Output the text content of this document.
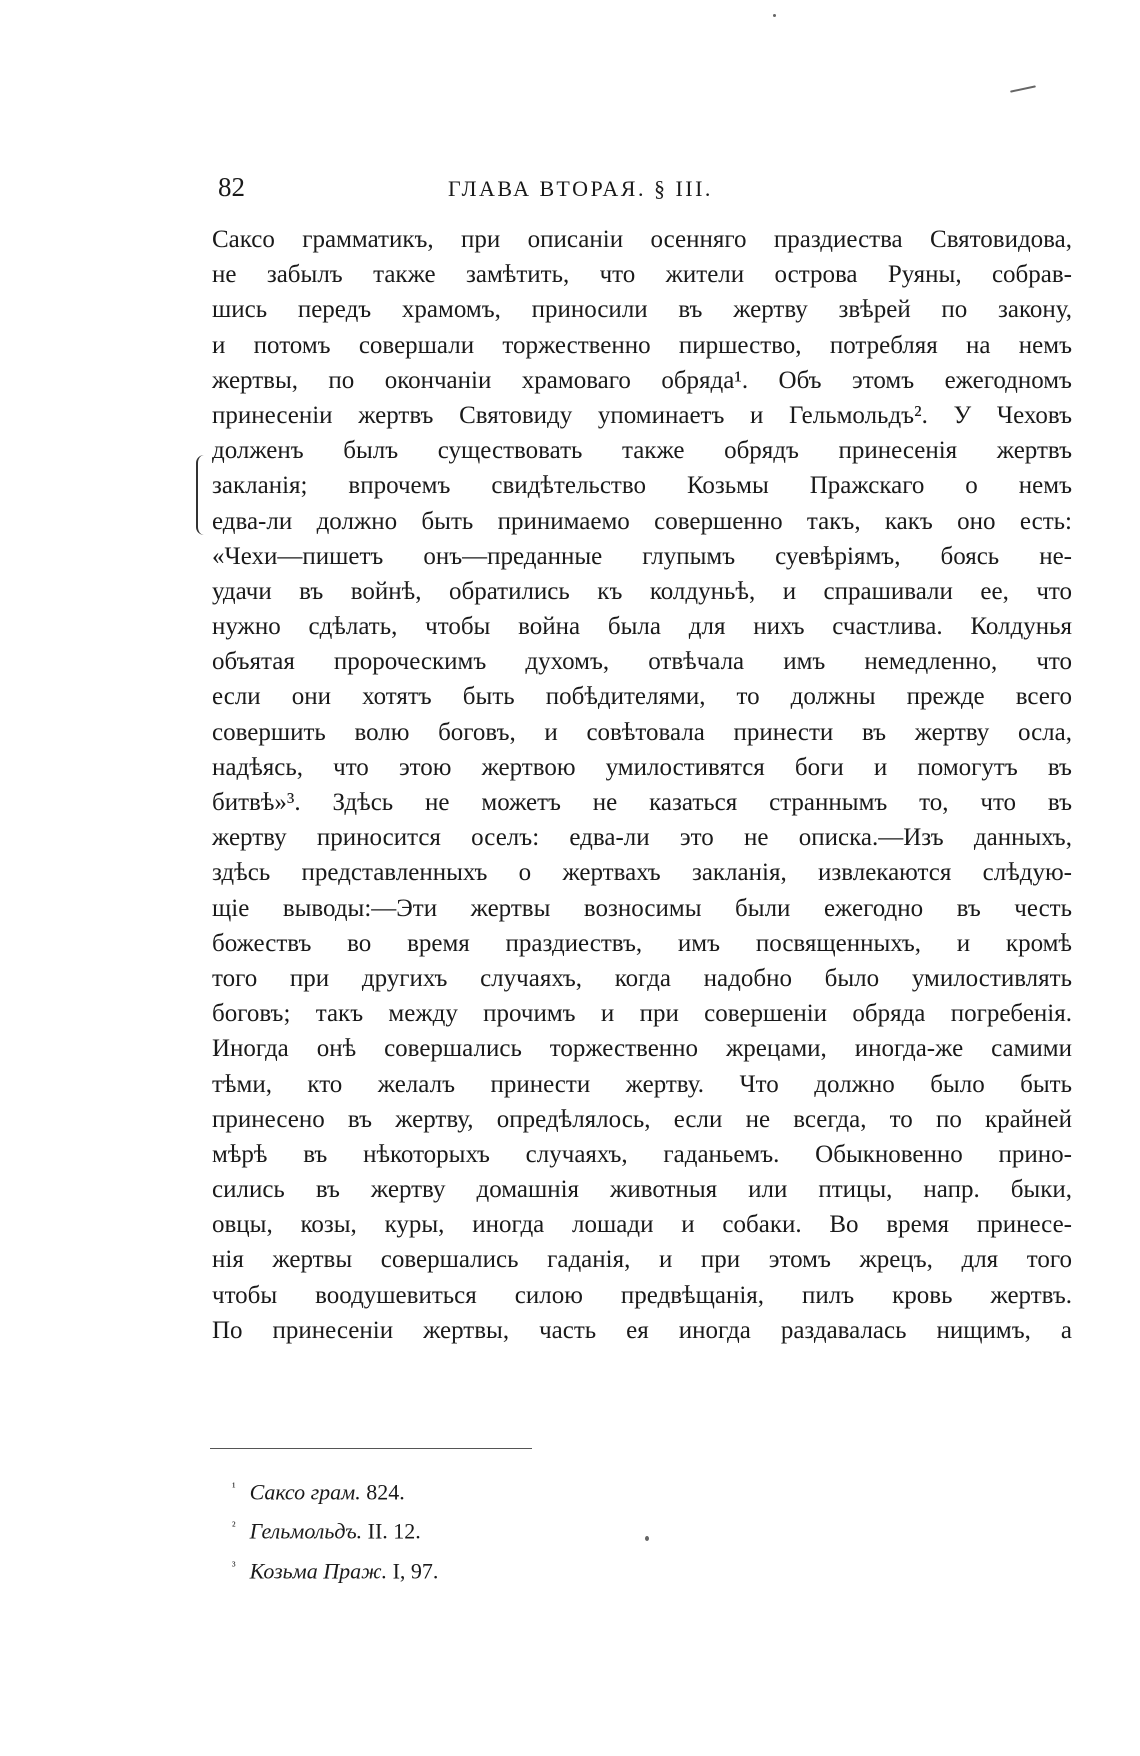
82	ГЛАВА ВТОРАЯ. § III.
Саксо грамматикъ, при описаніи осенняго праздиества Святовидова,
не забылъ также замѣтить, что жители острова Руяны, собрав-
шись передъ храмомъ, приносили въ жертву звѣрей по закону,
и потомъ совершали торжественно пиршество, потребляя на немъ
жертвы, по окончаніи храмоваго обряда¹. Объ этомъ ежегодномъ
принесеніи жертвъ Святовиду упоминаетъ и Гельмольдъ². У Чеховъ
долженъ былъ существовать также обрядъ принесенія жертвъ
закланія; впрочемъ свидѣтельство Козьмы Пражскаго о немъ
едва-ли должно быть принимаемо совершенно такъ, какъ оно есть:
«Чехи—пишетъ онъ—преданные глупымъ суевѣріямъ, боясь не-
удачи въ войнѣ, обратились къ колдуньѣ, и спрашивали ее, что
нужно сдѣлать, чтобы война была для нихъ счастлива. Колдунья
объятая пророческимъ духомъ, отвѣчала имъ немедленно, что
если они хотятъ быть побѣдителями, то должны прежде всего
совершить волю боговъ, и совѣтовала принести въ жертву осла,
надѣясь, что этою жертвою умилостивятся боги и помогутъ въ
битвѣ»³. Здѣсь не можетъ не казаться страннымъ то, что въ
жертву приносится оселъ: едва-ли это не описка.—Изъ данныхъ,
здѣсь представленныхъ о жертвахъ закланія, извлекаются слѣдую-
щіе выводы:—Эти жертвы возносимы были ежегодно въ честь
божествъ во время праздиествъ, имъ посвященныхъ, и кромѣ
того при другихъ случаяхъ, когда надобно было умилостивлять
боговъ; такъ между прочимъ и при совершеніи обряда погребенія.
Иногда онѣ совершались торжественно жрецами, иногда-же самими
тѣми, кто желалъ принести жертву. Что должно было быть
принесено въ жертву, опредѣлялось, если не всегда, то по крайней
мѣрѣ въ нѣкоторыхъ случаяхъ, гаданьемъ. Обыкновенно прино-
сились въ жертву домашнія животныя или птицы, напр. быки,
овцы, козы, куры, иногда лошади и собаки. Во время принесе-
нія жертвы совершались гаданія, и при этомъ жрецъ, для того
чтобы воодушевиться силою предвѣщанія, пилъ кровь жертвъ.
По принесеніи жертвы, часть ея иногда раздавалась нищимъ, а
$^{^1}$ Саксо грам. 824.
$^{^2}$ Гельмольдъ. II. 12.
$^{^3}$ Козьма Праж. I, 97.
